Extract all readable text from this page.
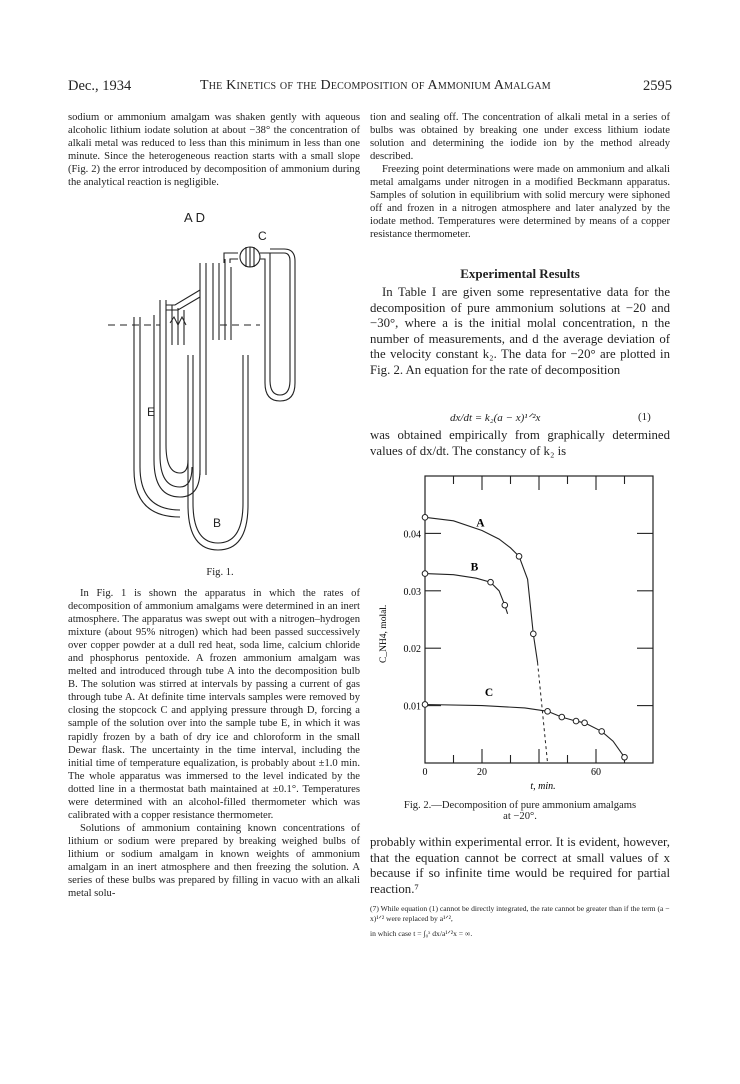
Dec., 1934	The Kinetics of the Decomposition of Ammonium Amalgam	2595

sodium or ammonium amalgam was shaken gently with aqueous alcoholic lithium iodate solution at about −38° the concentration of alkali metal was reduced to less than this minimum in less than one minute. Since the heterogeneous reaction starts with a small slope (Fig. 2) the error introduced by decomposition of ammonium during the analytical reaction is negligible.

A D
C
E
B
Fig. 1.

In Fig. 1 is shown the apparatus in which the rates of decomposition of ammonium amalgams were determined in an inert atmosphere. The apparatus was swept out with a nitrogen–hydrogen mixture (about 95% nitrogen) which had been passed successively over copper powder at a dull red heat, soda lime, calcium chloride and phosphorus pentoxide. A frozen ammonium amalgam was melted and introduced through tube A into the decomposition bulb B. The solution was stirred at intervals by passing a current of gas through tube A. At definite time intervals samples were removed by closing the stopcock C and applying pressure through D, forcing a sample of the solution over into the sample tube E, in which it was rapidly frozen by a bath of dry ice and chloroform in the small Dewar flask. The uncertainty in the time interval, including the initial time of temperature equalization, is probably about ±1.0 min. The whole apparatus was immersed to the level indicated by the dotted line in a thermostat bath maintained at ±0.1°. Temperatures were determined with an alcohol-filled thermometer which was calibrated with a copper resistance thermometer.

Solutions of ammonium containing known concentrations of lithium or sodium were prepared by breaking weighed bulbs of lithium or sodium amalgam in known weights of ammonium amalgam in an inert atmosphere and then freezing the solution. A series of these bulbs was prepared by filling in vacuo with an alkali metal solu-

tion and sealing off. The concentration of alkali metal in a series of bulbs was obtained by breaking one under excess lithium iodate solution and determining the iodide ion by the method already described.

Freezing point determinations were made on ammonium and alkali metal amalgams under nitrogen in a modified Beckmann apparatus. Samples of solution in equilibrium with solid mercury were siphoned off and frozen in a nitrogen atmosphere and later analyzed by the iodate method. Temperatures were determined by means of a copper resistance thermometer.

Experimental Results

In Table I are given some representative data for the decomposition of pure ammonium solutions at −20 and −30°, where a is the initial molal concentration, n the number of measurements, and d the average deviation of the velocity constant k₂. The data for −20° are plotted in Fig. 2. An equation for the rate of decomposition

dx/dt = k₂(a − x)¹ᐟ²x	(1)

was obtained empirically from graphically determined values of dx/dt. The constancy of k₂ is

0.01
0.02
0.03
0.04
0	20	60
t, min.
C_NH4, molal.
A
B
C
Fig. 2.—Decomposition of pure ammonium amalgams
at −20°.

probably within experimental error. It is evident, however, that the equation cannot be correct at small values of x because if so infinite time would be required for partial reaction.⁷

(7) While equation (1) cannot be directly integrated, the rate cannot be greater than if the term (a − x)¹ᐟ² were replaced by a¹ᐟ²,
in which case t = ∫₀ˣ dx/a¹ᐟ²x = ∞.
